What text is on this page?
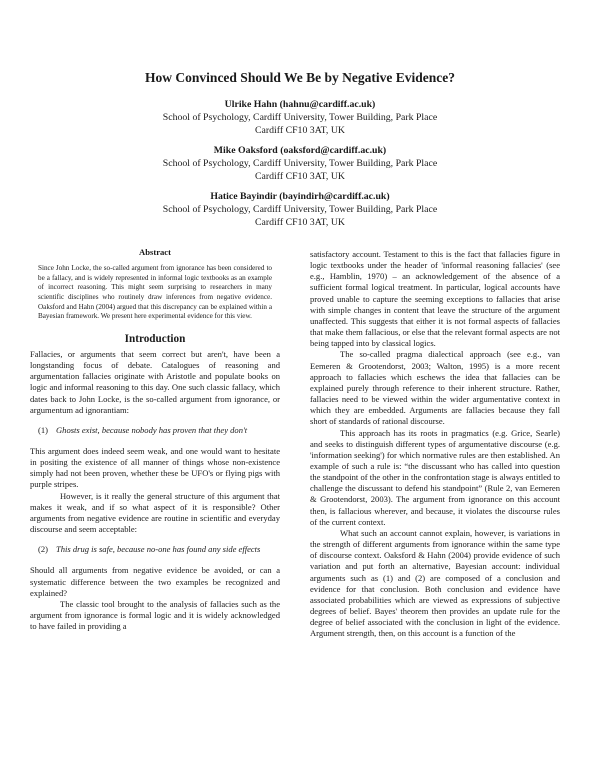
How Convinced Should We Be by Negative Evidence?
Ulrike Hahn (hahnu@cardiff.ac.uk)
School of Psychology, Cardiff University, Tower Building, Park Place
Cardiff CF10 3AT, UK
Mike Oaksford (oaksford@cardiff.ac.uk)
School of Psychology, Cardiff University, Tower Building, Park Place
Cardiff CF10 3AT, UK
Hatice Bayindir (bayindirh@cardiff.ac.uk)
School of Psychology, Cardiff University, Tower Building, Park Place
Cardiff CF10 3AT, UK
Abstract

Since John Locke, the so-called argument from ignorance has been considered to be a fallacy, and is widely represented in informal logic textbooks as an example of incorrect reasoning. This might seem surprising to researchers in many scientific disciplines who routinely draw inferences from negative evidence. Oaksford and Hahn (2004) argued that this discrepancy can be explained within a Bayesian framework. We present here experimental evidence for this view.

Introduction

Fallacies, or arguments that seem correct but aren't, have been a longstanding focus of debate. Catalogues of reasoning and argumentation fallacies originate with Aristotle and populate books on logic and informal reasoning to this day. One such classic fallacy, which dates back to John Locke, is the so-called argument from ignorance, or argumentum ad ignorantiam:

(1) Ghosts exist, because nobody has proven that they don't

This argument does indeed seem weak, and one would want to hesitate in positing the existence of all manner of things whose non-existence simply had not been proven, whether these be UFO's or flying pigs with purple stripes.

However, is it really the general structure of this argument that makes it weak, and if so what aspect of it is responsible? Other arguments from negative evidence are routine in scientific and everyday discourse and seem acceptable:

(2) This drug is safe, because no-one has found any side effects

Should all arguments from negative evidence be avoided, or can a systematic difference between the two examples be recognized and explained?

The classic tool brought to the analysis of fallacies such as the argument from ignorance is formal logic and it is widely acknowledged to have failed in providing a

satisfactory account. Testament to this is the fact that fallacies figure in logic textbooks under the header of 'informal reasoning fallacies' (see e.g., Hamblin, 1970) – an acknowledgement of the absence of a sufficient formal logical treatment. In particular, logical accounts have proved unable to capture the seeming exceptions to fallacies that arise with simple changes in content that leave the structure of the argument unaffected. This suggests that either it is not formal aspects of fallacies that make them fallacious, or else that the relevant formal aspects are not being tapped into by classical logics.

The so-called pragma dialectical approach (see e.g., van Eemeren & Grootendorst, 2003; Walton, 1995) is a more recent approach to fallacies which eschews the idea that fallacies can be explained purely through reference to their inherent structure. Rather, fallacies need to be viewed within the wider argumentative context in which they are embedded. Arguments are fallacies because they fall short of standards of rational discourse.

This approach has its roots in pragmatics (e.g. Grice, Searle) and seeks to distinguish different types of argumentative discourse (e.g. 'information seeking') for which normative rules are then established. An example of such a rule is: “the discussant who has called into question the standpoint of the other in the confrontation stage is always entitled to challenge the discussant to defend his standpoint” (Rule 2, van Eemeren & Grootendorst, 2003). The argument from ignorance on this account then, is fallacious wherever, and because, it violates the discourse rules of the current context.

What such an account cannot explain, however, is variations in the strength of different arguments from ignorance within the same type of discourse context. Oaksford & Hahn (2004) provide evidence of such variation and put forth an alternative, Bayesian account: individual arguments such as (1) and (2) are composed of a conclusion and evidence for that conclusion. Both conclusion and evidence have associated probabilities which are viewed as expressions of subjective degrees of belief. Bayes' theorem then provides an update rule for the degree of belief associated with the conclusion in light of the evidence. Argument strength, then, on this account is a function of the
